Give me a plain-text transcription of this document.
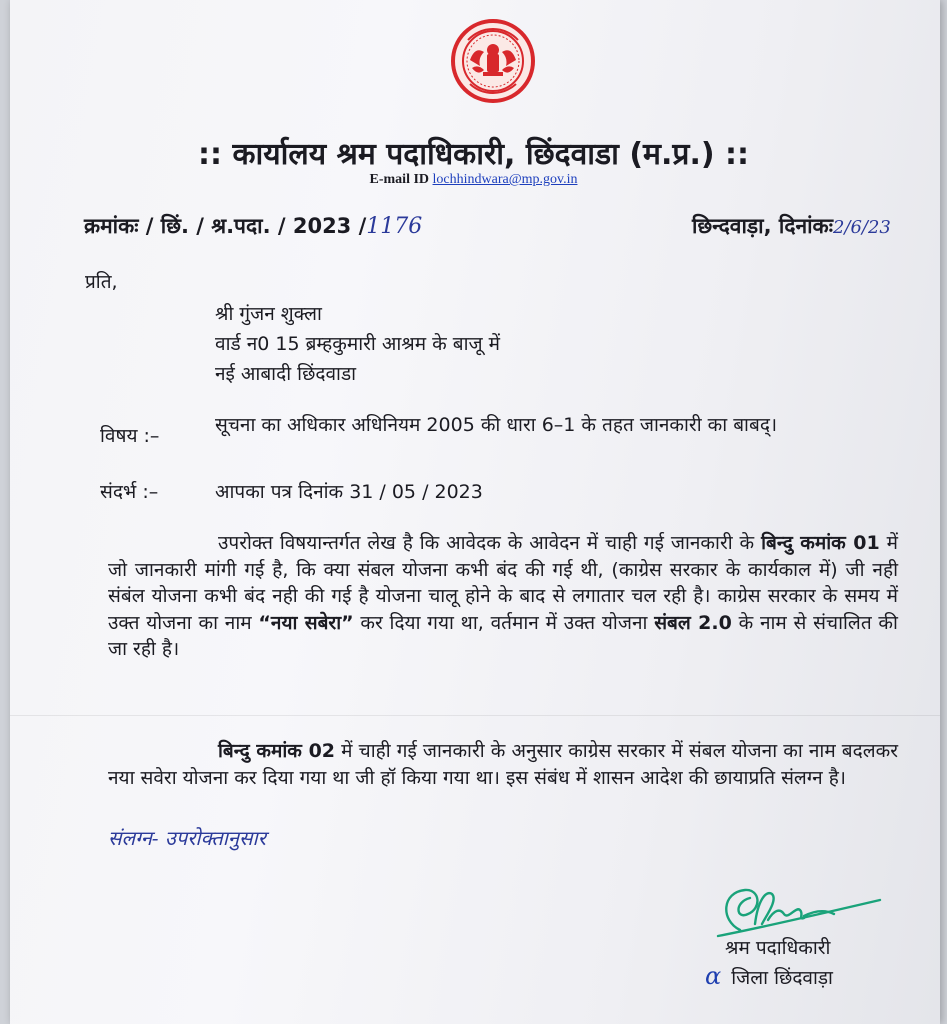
:: कार्यालय श्रम पदाधिकारी, छिंदवाडा (म.प्र.) ::
E-mail ID lochhindwara@mp.gov.in
क्रमांकः / छिं. / श्र.पदा. / 2023 /1176	छिन्दवाड़ा, दिनांकः2/6/23
प्रति,
श्री गुंजन शुक्ला
वार्ड न0 15 ब्रम्हकुमारी आश्रम के बाजू में
नई आबादी छिंदवाडा
विषय :–	सूचना का अधिकार अधिनियम 2005 की धारा 6–1 के तहत जानकारी का बाबद्।
संदर्भ :–	आपका पत्र दिनांक 31 / 05 / 2023
उपरोक्त विषयान्तर्गत लेख है कि आवेदक के आवेदन में चाही गई जानकारी के बिन्दु कमांक 01 में जो जानकारी मांगी गई है, कि क्या संबल योजना कभी बंद की गई थी, (काग्रेस सरकार के कार्यकाल में) जी नही संबंल योजना कभी बंद नही की गई है योजना चालू होने के बाद से लगातार चल रही है। काग्रेस सरकार के समय में उक्त योजना का नाम “नया सबेरा” कर दिया गया था, वर्तमान में उक्त योजना संबल 2.0 के नाम से संचालित की जा रही है।
बिन्दु कमांक 02 में चाही गई जानकारी के अनुसार काग्रेस सरकार में संबल योजना का नाम बदलकर नया सवेरा योजना कर दिया गया था जी हॉ किया गया था। इस संबंध में शासन आदेश की छायाप्रति संलग्न है।
संलग्न- उपरोक्तानुसार
श्रम पदाधिकारी
α जिला छिंदवाड़ा
